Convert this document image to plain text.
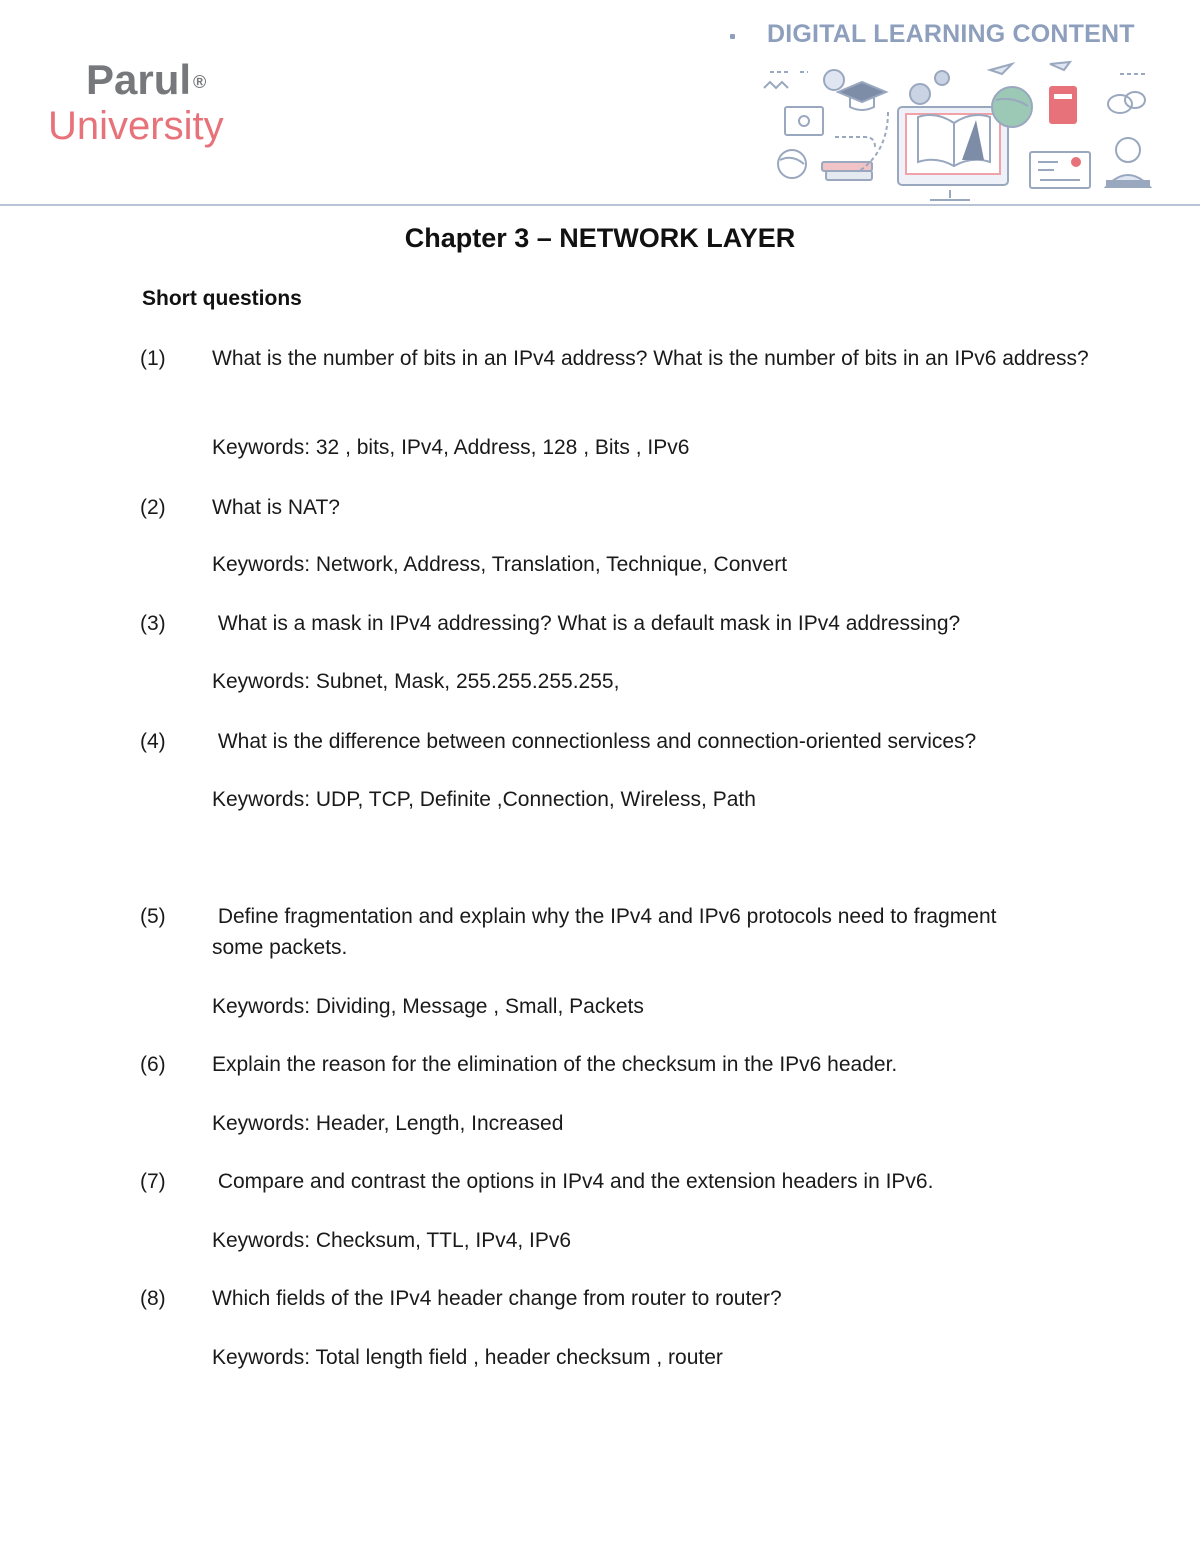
Parul ®
University
DIGITAL LEARNING CONTENT
Chapter 3 – NETWORK LAYER
Short questions
(1) What is the number of bits in an IPv4 address? What is the number of bits in an IPv6 address?
Keywords: 32 , bits, IPv4, Address, 128 , Bits , IPv6
(2) What is NAT?
Keywords: Network, Address, Translation, Technique, Convert
(3) What is a mask in IPv4 addressing? What is a default mask in IPv4 addressing?
Keywords: Subnet, Mask, 255.255.255.255,
(4) What is the difference between connectionless and connection-oriented services?
Keywords: UDP, TCP, Definite ,Connection, Wireless, Path
(5) Define fragmentation and explain why the IPv4 and IPv6 protocols need to fragment some packets.
Keywords: Dividing, Message , Small, Packets
(6) Explain the reason for the elimination of the checksum in the IPv6 header.
Keywords: Header, Length, Increased
(7) Compare and contrast the options in IPv4 and the extension headers in IPv6.
Keywords: Checksum, TTL, IPv4, IPv6
(8) Which fields of the IPv4 header change from router to router?
Keywords: Total length field , header checksum , router
